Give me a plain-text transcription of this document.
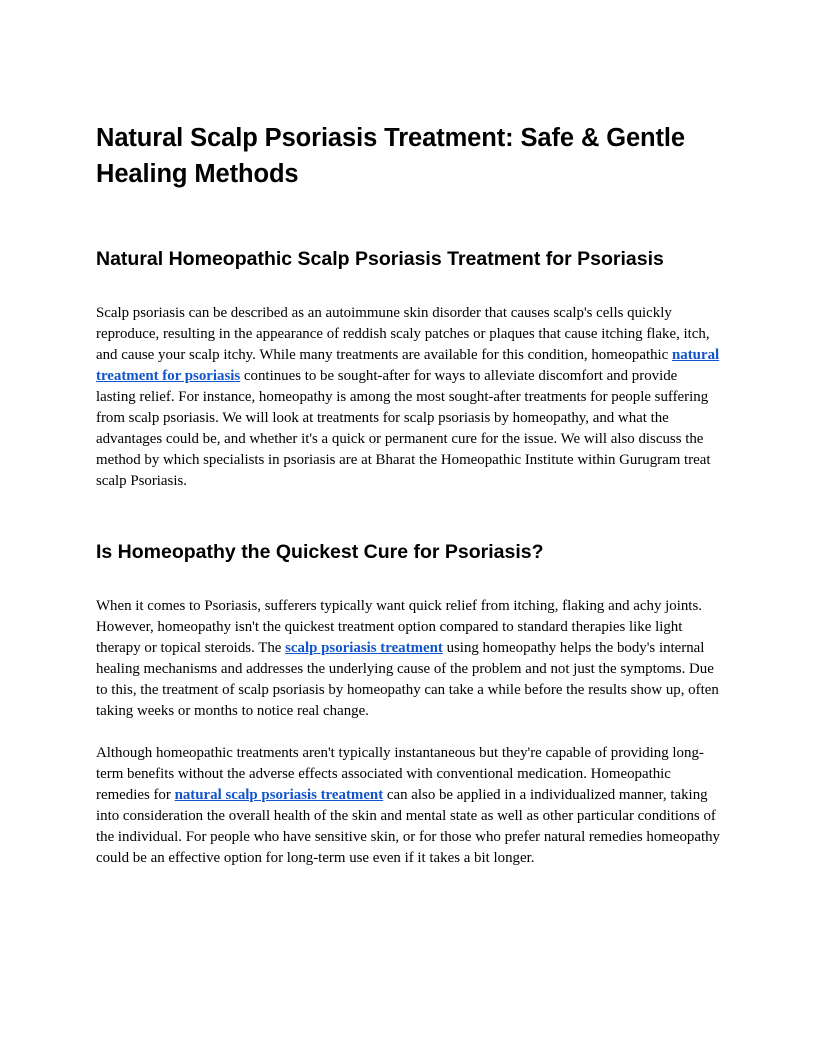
Natural Scalp Psoriasis Treatment: Safe & Gentle Healing Methods
Natural Homeopathic Scalp Psoriasis Treatment for Psoriasis

Scalp psoriasis can be described as an autoimmune skin disorder that causes scalp's cells quickly reproduce, resulting in the appearance of reddish scaly patches or plaques that cause itching flake, itch, and cause your scalp itchy. While many treatments are available for this condition, homeopathic natural treatment for psoriasis continues to be sought-after for ways to alleviate discomfort and provide lasting relief. For instance, homeopathy is among the most sought-after treatments for people suffering from scalp psoriasis. We will look at treatments for scalp psoriasis by homeopathy, and what the advantages could be, and whether it's a quick or permanent cure for the issue. We will also discuss the method by which specialists in psoriasis are at Bharat the Homeopathic Institute within Gurugram treat scalp Psoriasis.

Is Homeopathy the Quickest Cure for Psoriasis?

When it comes to Psoriasis, sufferers typically want quick relief from itching, flaking and achy joints. However, homeopathy isn't the quickest treatment option compared to standard therapies like light therapy or topical steroids. The scalp psoriasis treatment using homeopathy helps the body's internal healing mechanisms and addresses the underlying cause of the problem and not just the symptoms. Due to this, the treatment of scalp psoriasis by homeopathy can take a while before the results show up, often taking weeks or months to notice real change.

Although homeopathic treatments aren't typically instantaneous but they're capable of providing long-term benefits without the adverse effects associated with conventional medication. Homeopathic remedies for natural scalp psoriasis treatment can also be applied in a individualized manner, taking into consideration the overall health of the skin and mental state as well as other particular conditions of the individual. For people who have sensitive skin, or for those who prefer natural remedies homeopathy could be an effective option for long-term use even if it takes a bit longer.
